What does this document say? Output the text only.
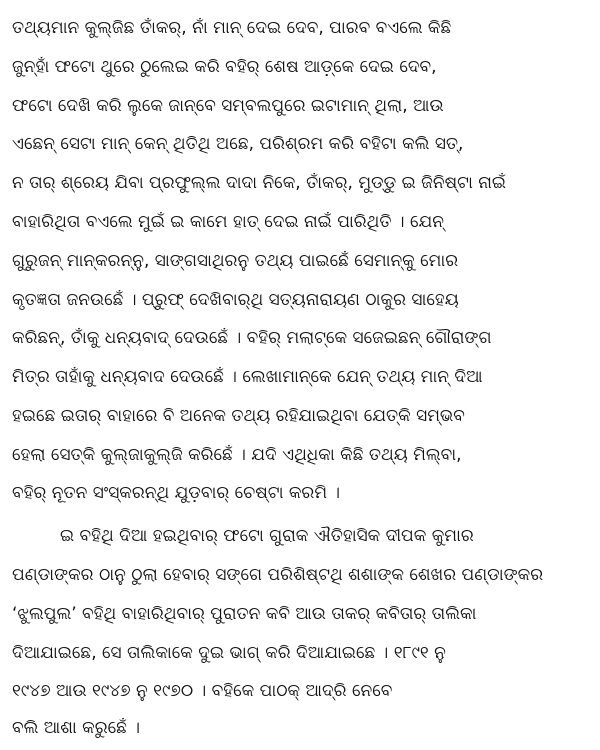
ତଥ୍ୟମାନ କୁଲ୍‌ଜିଛ ତାଁକର୍, ନାଁ ମାନ୍ ଦେଇ ଦେବ, ପାରବ ବଏଲେ କିଛି
ଜୁନ୍‌ହାଁ ଫଟୋ ଥୁରେ ଠୁଲେଇ କରି ବହିର୍ ଶେଷ ଆଡ଼୍‌କେ ଦେଇ ଦେବ,
ଫଟୋ ଦେଖି କରି ଲୁକେ ଜାନ୍‌ବେ ସମ୍ବଲପୁରେ ଇଟାମାନ୍ ଥିଲା, ଆଉ
ଏଛେନ୍ ସେଟା ମାନ୍ କେନ୍ ଥିତିଥି ଅଛେ, ପରିଶ୍ରମ କରି ବହିଟା କଲି ସତ୍,
ନ ତାର୍ ଶ୍ରେୟ ଯିବା ପ୍ରଫୁଲ୍ଲ ଦାଦା ନିକେ, ତାଁକର୍, ମୁଡ୍ଡୁ ଇ ଜିନିଷ୍‌ଟା ନାଇଁ
ବାହାରିଥିତା ବଏଲେ ମୁଇଁ ଇ କାମେ ହାତ୍ ଦେଇ ନାଇଁ ପାରିଥିତି । ଯେନ୍
ଗୁରୁଜନ୍ ମାନ୍‌କରନ୍ନୁ, ସାଙ୍ଗସାଥିରନୁ ତଥ୍ୟ ପାଇଛେଁ ସେମାନ୍‌କୁ ମୋର
କୃତଜ୍ଞତା ଜନଉଛେଁ । ପ୍ରୁଫ୍ ଦେଖିବାର୍‌ଥି ସତ୍ୟନାରାୟଣ ଠାକୁର ସାହେୟ
କରିଛନ୍, ତାଁକୁ ଧନ୍ୟବାଦ୍ ଦେଉଛେଁ । ବହିର୍ ମଲାଟ୍‌କେ ସଜେଇଛନ୍ ଗୌରାଙ୍ଗ
ମିତ୍ର ତାହାଁକୁ ଧନ୍ୟବାଦ ଦେଉଛେଁ । ଲେଖାମାନ୍‌କେ ଯେନ୍ ତଥ୍ୟ ମାନ୍ ଦିଆ
ହଇଛେ ଇତାର୍ ବାହାରେ ବି ଅନେକ ତଥ୍ୟ ରହିଯାଇଥିବା ଯେତ୍‌କି ସମ୍ଭବ
ହେଲା ସେତ୍‌କି କୁଲ୍‌ଜାକୁଲ୍‌ଜି କରିଛେଁ । ଯଦି ଏଥିଧିକା କିଛି ତଥ୍ୟ ମିଲ୍‌ବା,
ବହିର୍ ନୂତନ ସଂସ୍କରନ୍‌ଥି ଯୁଡ଼ବାର୍ ଚେଷ୍ଟା କରମି ।
ଇ ବହିଥି ଦିଆ ହଇଥିବାର୍ ଫଟୋ ଗୁରାକ ଐତିହାସିକ ଦୀପକ କୁମାର
ପଣ୍ଡାଙ୍କର ଠାନୁ ଠୁଲା ହେବାର୍ ସଙ୍ଗେ ପରିଶିଷ୍ଟଥି ଶଶାଙ୍କ ଶେଖର ପଣ୍ଡାଙ୍କର
‘ଝୁଲପୁଲ’ ବହିଥି ବାହାରିଥିବାର୍ ପୁରାତନ କବି ଆଉ ତାକର୍ କବିତାର୍ ତାଲିକା
ଦିଆଯାଇଛେ, ସେ ତାଲିକାକେ ଦୁଇ ଭାଗ୍ କରି ଦିଆଯାଇଛେ । ୧୮୯୧ ନୁ
୧୯୪୭ ଆଉ ୧୯୪୭ ନୁ ୧୯୭୦ । ବହିକେ ପାଠକ୍ ଆଦ୍‌ରି ନେବେ
ବଲି ଆଶା କରୁଛେଁ ।
